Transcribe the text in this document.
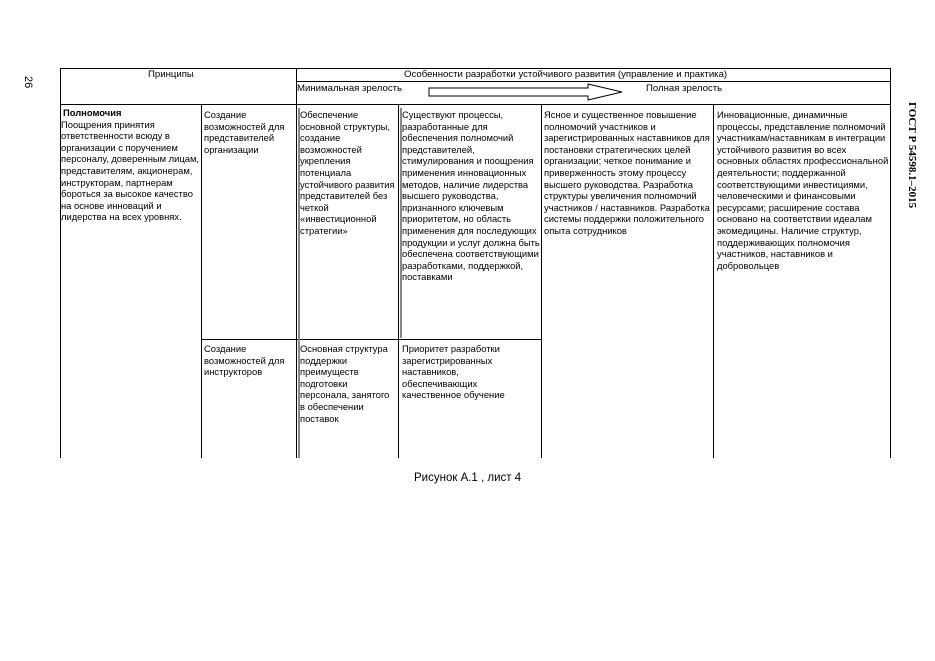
26
ГОСТ Р 54598.1–2015
Принципы	Особенности разработки устойчивого развития (управление и практика)
Минимальная зрелость	Полная зрелость
Полномочия
Поощрения принятия ответственности всюду в организации с поручением персоналу, доверенным лицам, представителям, акционерам, инструкторам, партнерам бороться за высокое качество на основе инноваций и лидерства на всех уровнях.
Создание возможностей для представителей организации
Обеспечение основной структуры, создание возможностей укрепления потенциала устойчивого развития представителей без четкой «инвестиционной стратегии»
Существуют процессы, разработанные для обеспечения полномочий представителей, стимулирования и поощрения применения инновационных методов, наличие лидерства высшего руководства, признанного ключевым приоритетом, но область применения для последующих продукции и услуг должна быть обеспечена соответствующими разработками, поддержкой, поставками
Создание возможностей для инструкторов
Основная структура поддержки преимуществ подготовки персонала, занятого в обеспечении поставок
Приоритет разработки зарегистрированных наставников, обеспечивающих качественное обучение
Ясное и существенное повышение полномочий участников и зарегистрированных наставников для постановки стратегических целей организации; четкое понимание и приверженность этому процессу высшего руководства. Разработка структуры увеличения полномочий участников / наставников. Разработка системы поддержки положительного опыта сотрудников
Инновационные, динамичные процессы, представление полномочий участникам/наставникам в интеграции устойчивого развития во всех основных областях профессиональной деятельности; поддержанной соответствующими инвестициями, человеческими и финансовыми ресурсами; расширение состава основано на соответствии идеалам экомедицины. Наличие структур, поддерживающих полномочия участников, наставников и добровольцев
Рисунок А.1 , лист 4
